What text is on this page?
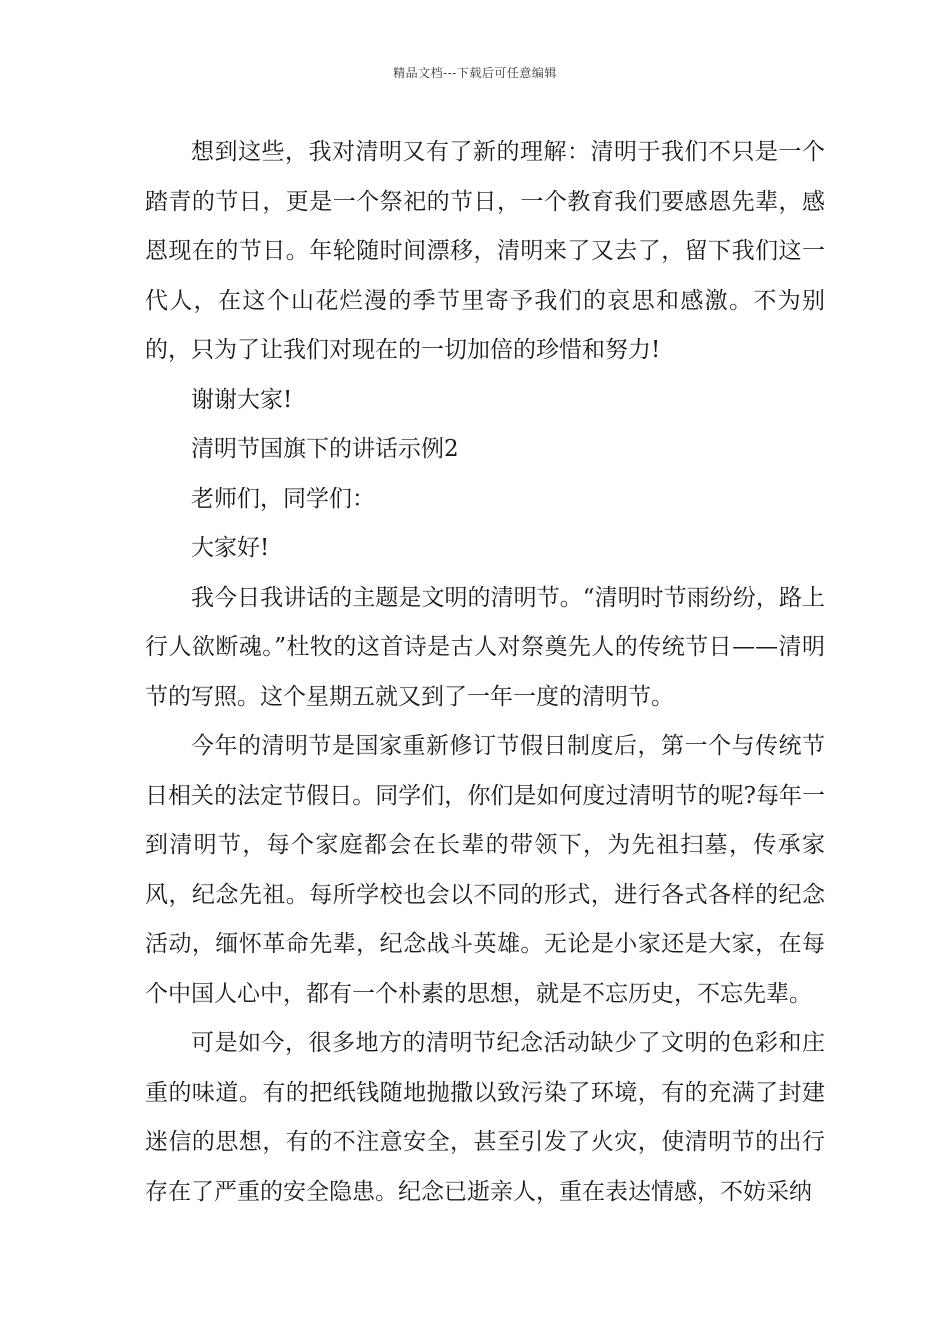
精品文档---下载后可任意编辑

想到这些，我对清明又有了新的理解：清明于我们不只是一个踏青的节日，更是一个祭祀的节日，一个教育我们要感恩先辈，感恩现在的节日。年轮随时间漂移，清明来了又去了，留下我们这一代人，在这个山花烂漫的季节里寄予我们的哀思和感激。不为别的，只为了让我们对现在的一切加倍的珍惜和努力!

谢谢大家!

清明节国旗下的讲话示例2

老师们，同学们：

大家好!

我今日我讲话的主题是文明的清明节。“清明时节雨纷纷，路上行人欲断魂。”杜牧的这首诗是古人对祭奠先人的传统节日——清明节的写照。这个星期五就又到了一年一度的清明节。

今年的清明节是国家重新修订节假日制度后，第一个与传统节日相关的法定节假日。同学们，你们是如何度过清明节的呢?每年一到清明节，每个家庭都会在长辈的带领下，为先祖扫墓，传承家风，纪念先祖。每所学校也会以不同的形式，进行各式各样的纪念活动，缅怀革命先辈，纪念战斗英雄。无论是小家还是大家，在每个中国人心中，都有一个朴素的思想，就是不忘历史，不忘先辈。

可是如今，很多地方的清明节纪念活动缺少了文明的色彩和庄重的味道。有的把纸钱随地抛撒以致污染了环境，有的充满了封建迷信的思想，有的不注意安全，甚至引发了火灾，使清明节的出行存在了严重的安全隐患。纪念已逝亲人，重在表达情感，不妨采纳
